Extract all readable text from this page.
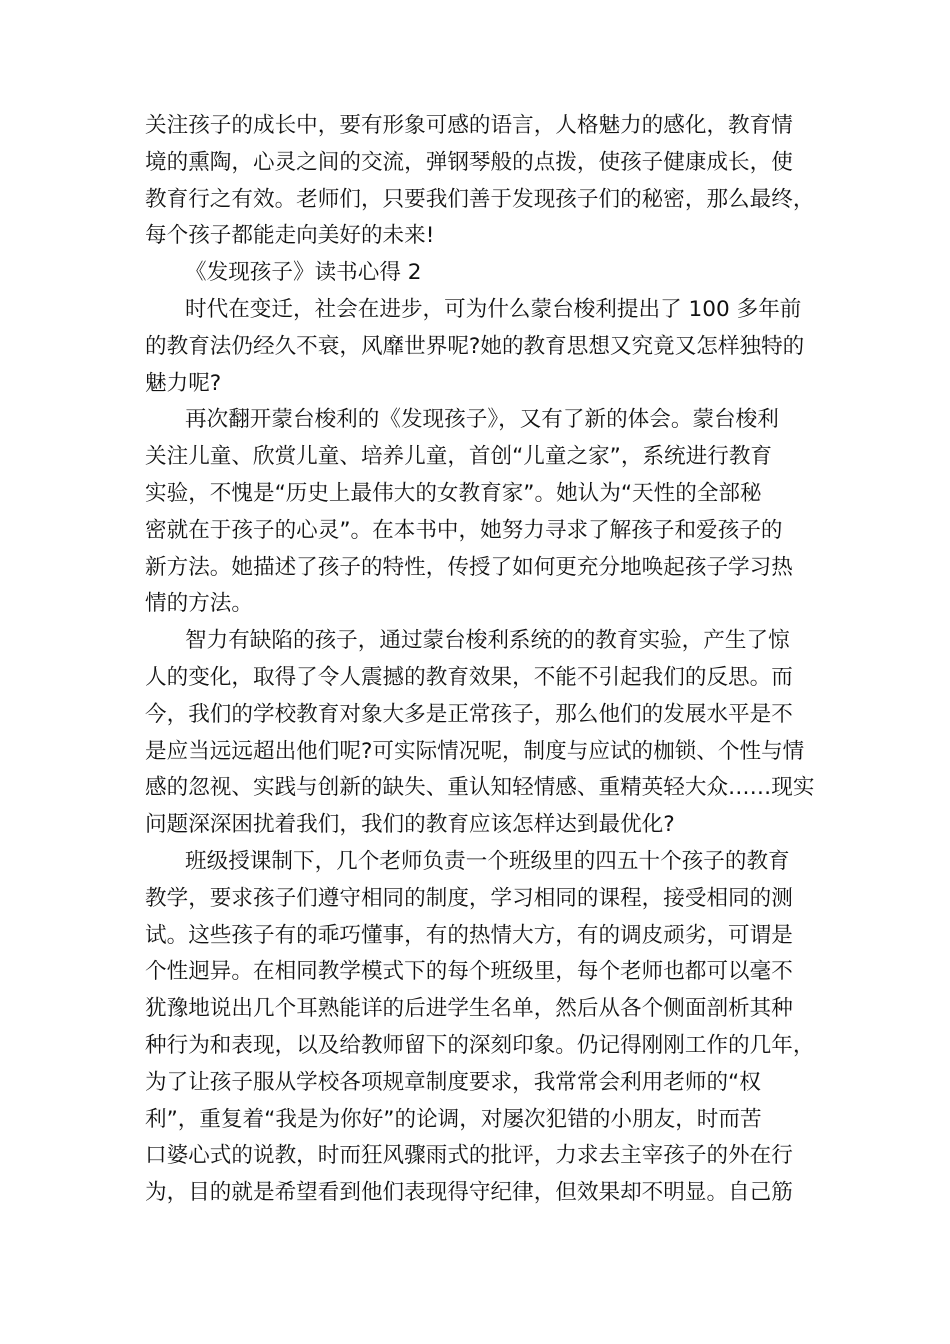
关注孩子的成长中，要有形象可感的语言，人格魅力的感化，教育情
境的熏陶，心灵之间的交流，弹钢琴般的点拨，使孩子健康成长，使
教育行之有效。老师们，只要我们善于发现孩子们的秘密，那么最终，
每个孩子都能走向美好的未来!
《发现孩子》读书心得 2
时代在变迁，社会在进步，可为什么蒙台梭利提出了 100 多年前
的教育法仍经久不衰，风靡世界呢?她的教育思想又究竟又怎样独特的
魅力呢?
再次翻开蒙台梭利的《发现孩子》，又有了新的体会。蒙台梭利
关注儿童、欣赏儿童、培养儿童，首创“儿童之家”，系统进行教育
实验，不愧是“历史上最伟大的女教育家”。她认为“天性的全部秘
密就在于孩子的心灵”。在本书中，她努力寻求了解孩子和爱孩子的
新方法。她描述了孩子的特性，传授了如何更充分地唤起孩子学习热
情的方法。
智力有缺陷的孩子，通过蒙台梭利系统的的教育实验，产生了惊
人的变化，取得了令人震撼的教育效果，不能不引起我们的反思。而
今，我们的学校教育对象大多是正常孩子，那么他们的发展水平是不
是应当远远超出他们呢?可实际情况呢，制度与应试的枷锁、个性与情
感的忽视、实践与创新的缺失、重认知轻情感、重精英轻大众……现实
问题深深困扰着我们，我们的教育应该怎样达到最优化?
班级授课制下，几个老师负责一个班级里的四五十个孩子的教育
教学，要求孩子们遵守相同的制度，学习相同的课程，接受相同的测
试。这些孩子有的乖巧懂事，有的热情大方，有的调皮顽劣，可谓是
个性迥异。在相同教学模式下的每个班级里，每个老师也都可以毫不
犹豫地说出几个耳熟能详的后进学生名单，然后从各个侧面剖析其种
种行为和表现，以及给教师留下的深刻印象。仍记得刚刚工作的几年，
为了让孩子服从学校各项规章制度要求，我常常会利用老师的“权
利”，重复着“我是为你好”的论调，对屡次犯错的小朋友，时而苦
口婆心式的说教，时而狂风骤雨式的批评，力求去主宰孩子的外在行
为，目的就是希望看到他们表现得守纪律，但效果却不明显。自己筋
